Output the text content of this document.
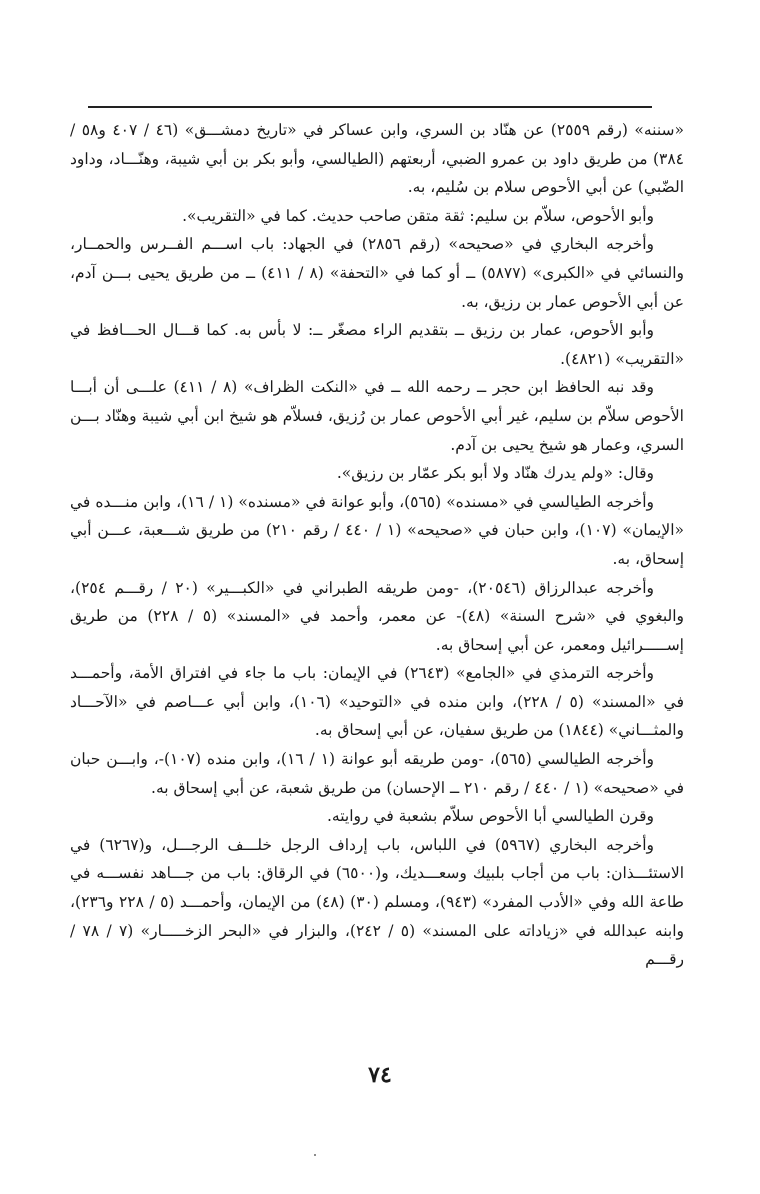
«سننه» (رقم ٢٥٥٩) عن هنّاد بن السري، وابن عساكر في «تاريخ دمشـــق» (٤٦ / ٤٠٧ و٥٨ / ٣٨٤) من طريق داود بن عمرو الضبي، أربعتهم (الطيالسي، وأبو بكر بن أبي شيبة، وهنّـــاد، وداود الضّبي) عن أبي الأحوص سلام بن سُليم، به.

وأبو الأحوص، سلاّم بن سليم: ثقة متقن صاحب حديث. كما في «التقريب».

وأخرجه البخاري في «صحيحه» (رقم ٢٨٥٦) في الجهاد: باب اســـم الفــرس والحمــار، والنسائي في «الكبرى» (٥٨٧٧) ــ أو كما في «التحفة» (٨ / ٤١١) ــ من طريق يحيى بـــن آدم، عن أبي الأحوص عمار بن رزيق، به.

وأبو الأحوص، عمار بن رزيق ــ بتقديم الراء مصغّر ــ: لا بأس به. كما قـــال الحـــافظ في «التقريب» (٤٨٢١).

وقد نبه الحافظ ابن حجر ــ رحمه الله ــ في «النكت الظراف» (٨ / ٤١١) علـــى أن أبـــا الأحوص سلاّم بن سليم، غير أبي الأحوص عمار بن رُزيق، فسلاّم هو شيخ ابن أبي شيبة وهنّاد بـــن السري، وعمار هو شيخ يحيى بن آدم.

وقال: «ولم يدرك هنّاد ولا أبو بكر عمّار بن رزيق».

وأخرجه الطيالسي في «مسنده» (٥٦٥)، وأبو عوانة في «مسنده» (١ / ١٦)، وابن منـــده في «الإيمان» (١٠٧)، وابن حبان في «صحيحه» (١ / ٤٤٠ / رقم ٢١٠) من طريق شـــعبة، عـــن أبي إسحاق، به.

وأخرجه عبدالرزاق (٢٠٥٤٦)، -ومن طريقه الطبراني في «الكبـــير» (٢٠ / رقـــم ٢٥٤)، والبغوي في «شرح السنة» (٤٨)- عن معمر، وأحمد في «المسند» (٥ / ٢٢٨) من طريق إســـــرائيل ومعمر، عن أبي إسحاق به.

وأخرجه الترمذي في «الجامع» (٢٦٤٣) في الإيمان: باب ما جاء في افتراق الأمة، وأحمـــد في «المسند» (٥ / ٢٢٨)، وابن منده في «التوحيد» (١٠٦)، وابن أبي عـــاصم في «الآحـــاد والمثـــاني» (١٨٤٤) من طريق سفيان، عن أبي إسحاق به.

وأخرجه الطيالسي (٥٦٥)، -ومن طريقه أبو عوانة (١ / ١٦)، وابن منده (١٠٧)-، وابـــن حبان في «صحيحه» (١ / ٤٤٠ / رقم ٢١٠ ــ الإحسان) من طريق شعبة، عن أبي إسحاق به.

وقرن الطيالسي أبا الأحوص سلاّم بشعبة في روايته.

وأخرجه البخاري (٥٩٦٧) في اللباس، باب إرداف الرجل خلـــف الرجـــل، و(٦٢٦٧) في الاستئـــذان: باب من أجاب بلبيك وسعـــديك، و(٦٥٠٠) في الرقاق: باب من جـــاهد نفســـه في طاعة الله وفي «الأدب المفرد» (٩٤٣)، ومسلم (٣٠) (٤٨) من الإيمان، وأحمـــد (٥ / ٢٢٨ و٢٣٦)، وابنه عبدالله في «زياداته على المسند» (٥ / ٢٤٢)، والبزار في «البحر الزخـــــار» (٧ / ٧٨ / رقـــم

٧٤
